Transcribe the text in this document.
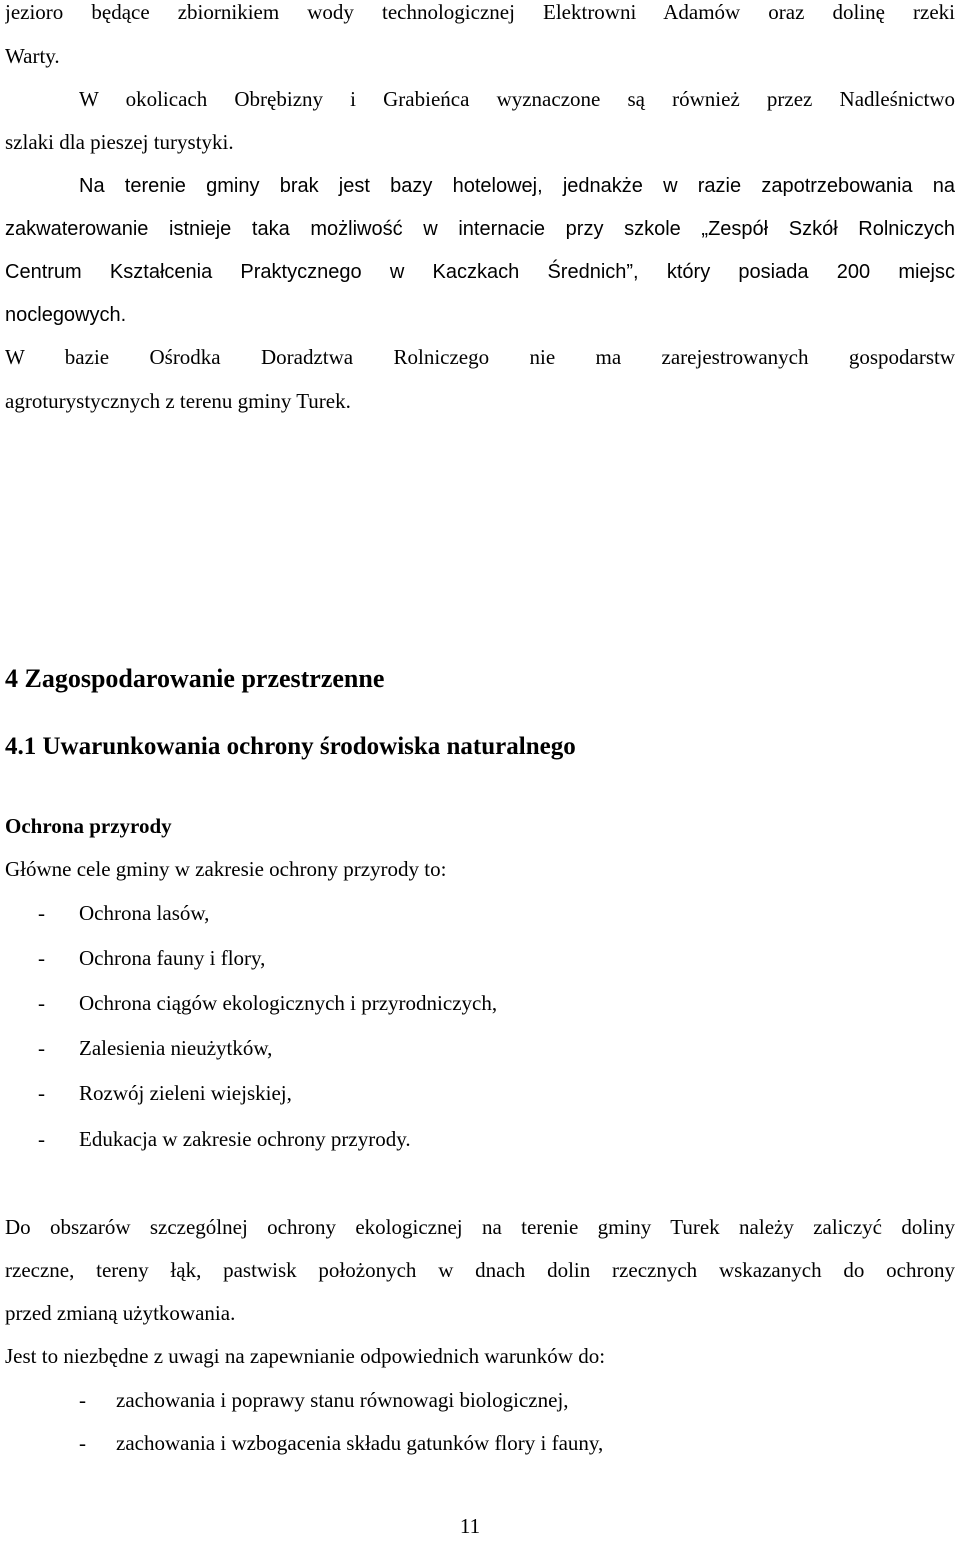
jezioro będące zbiornikiem wody technologicznej Elektrowni Adamów oraz dolinę rzeki
Warty.
W okolicach Obrębizny i Grabieńca wyznaczone są również przez Nadleśnictwo
szlaki dla pieszej turystyki.
Na terenie gminy brak jest bazy hotelowej, jednakże w razie zapotrzebowania na
zakwaterowanie istnieje taka możliwość w internacie przy szkole „Zespół Szkół Rolniczych
Centrum Kształcenia Praktycznego w Kaczkach Średnich”, który posiada 200 miejsc
noclegowych.
W bazie Ośrodka Doradztwa Rolniczego nie ma zarejestrowanych gospodarstw
agroturystycznych z terenu gminy Turek.
4 Zagospodarowanie przestrzenne
4.1 Uwarunkowania ochrony środowiska naturalnego
Ochrona przyrody
Główne cele gminy w zakresie ochrony przyrody to:
- Ochrona lasów,
- Ochrona fauny i flory,
- Ochrona ciągów ekologicznych i przyrodniczych,
- Zalesienia nieużytków,
- Rozwój zieleni wiejskiej,
- Edukacja w zakresie ochrony przyrody.
Do obszarów szczególnej ochrony ekologicznej na terenie gminy Turek należy zaliczyć doliny
rzeczne, tereny łąk, pastwisk położonych w dnach dolin rzecznych wskazanych do ochrony
przed zmianą użytkowania.
Jest to niezbędne z uwagi na zapewnianie odpowiednich warunków do:
- zachowania i poprawy stanu równowagi biologicznej,
- zachowania i wzbogacenia składu gatunków flory i fauny,
11
